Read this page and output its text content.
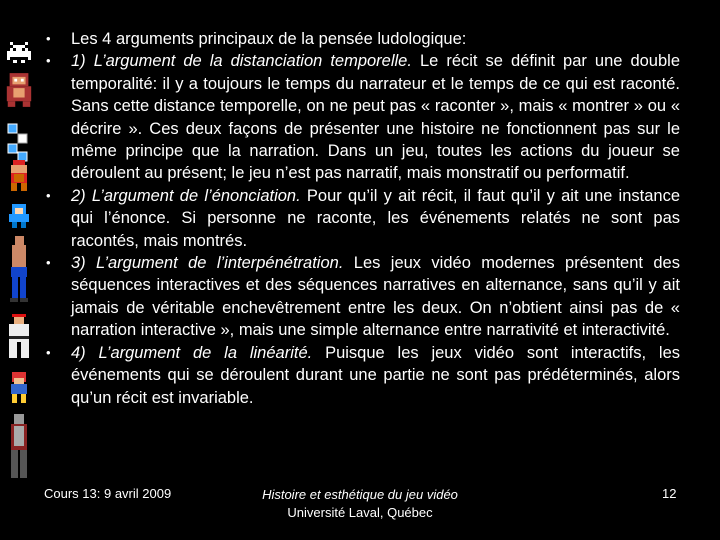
• Les 4 arguments principaux de la pensée ludologique:

• 1) L’argument de la distanciation temporelle. Le récit se définit par une double temporalité: il y a toujours le temps du narrateur et le temps de ce qui est raconté. Sans cette distance temporelle, on ne peut pas « raconter », mais « montrer » ou « décrire ». Ces deux façons de présenter une histoire ne fonctionnent pas sur le même principe que la narration. Dans un jeu, toutes les actions du joueur se déroulent au présent; le jeu n’est pas narratif, mais monstratif ou performatif.

• 2) L’argument de l’énonciation. Pour qu’il y ait récit, il faut qu’il y ait une instance qui l’énonce. Si personne ne raconte, les événements relatés ne sont pas racontés, mais montrés.

• 3) L’argument de l’interpénétration. Les jeux vidéo modernes présentent des séquences interactives et des séquences narratives en alternance, sans qu’il y ait jamais de véritable enchevêtrement entre les deux. On n’obtient ainsi pas de « narration interactive », mais une simple alternance entre narrativité et interactivité.

• 4) L’argument de la linéarité. Puisque les jeux vidéo sont interactifs, les événements qui se déroulent durant une partie ne sont pas prédéterminés, alors qu’un récit est invariable.

Cours 13: 9 avril 2009	Histoire et esthétique du jeu vidéo
Université Laval, Québec
12
